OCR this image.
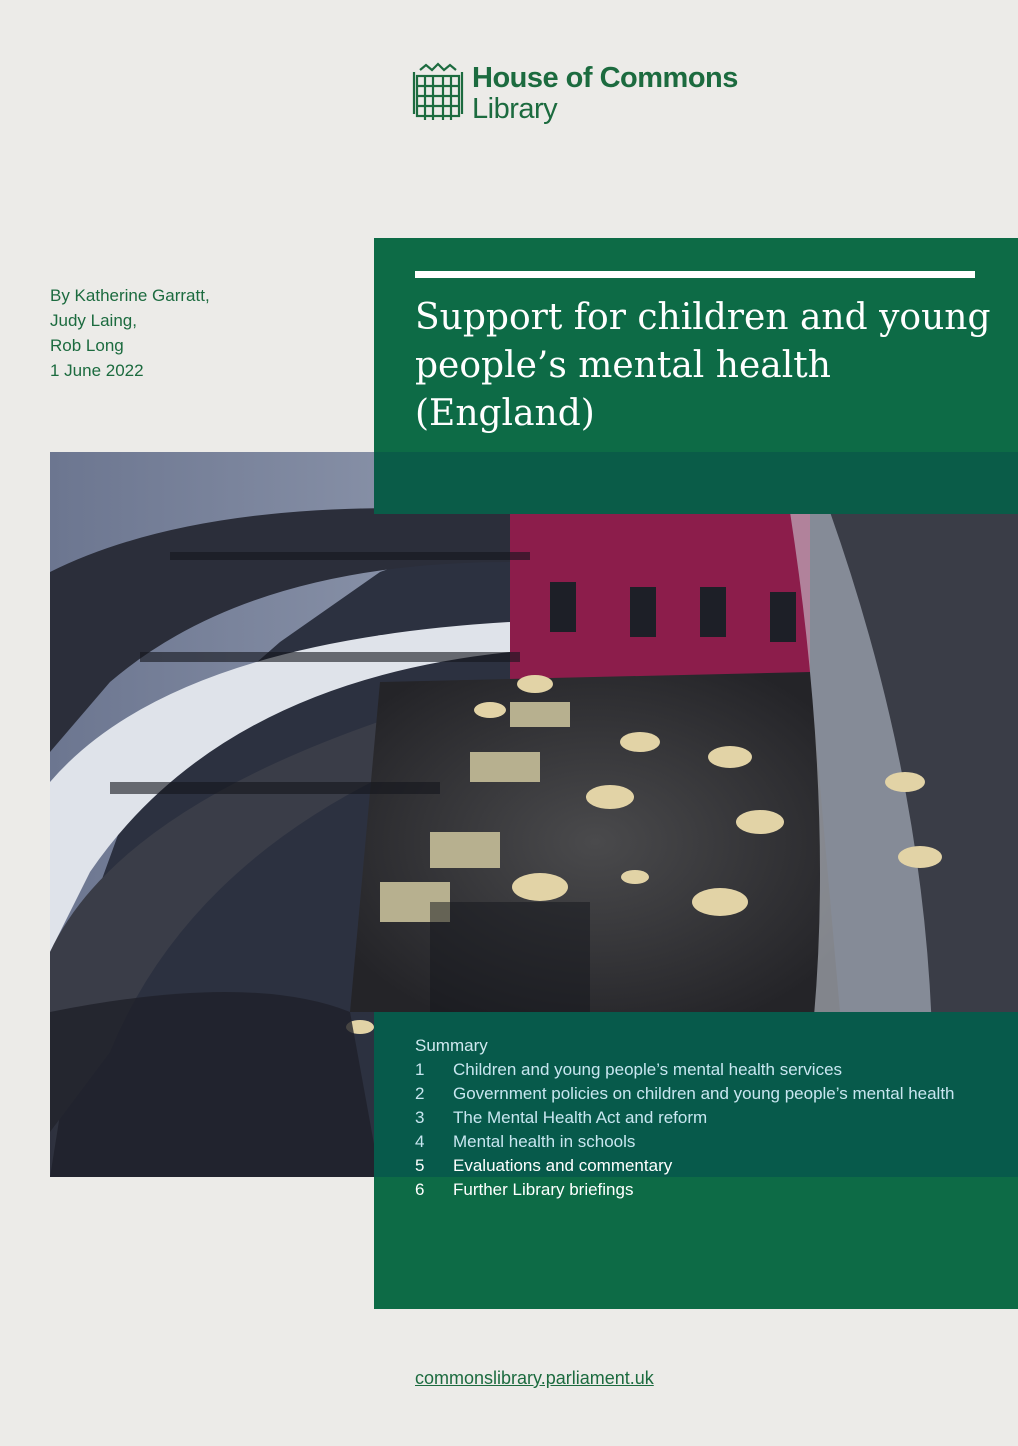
House of Commons
Library
By Katherine Garratt,
Judy Laing,
Rob Long
1 June 2022
Support for children and young people’s mental health (England)
Summary
1	Children and young people’s mental health services
2	Government policies on children and young people’s mental health
3	The Mental Health Act and reform
4	Mental health in schools
5	Evaluations and commentary
6	Further Library briefings
commonslibrary.parliament.uk
